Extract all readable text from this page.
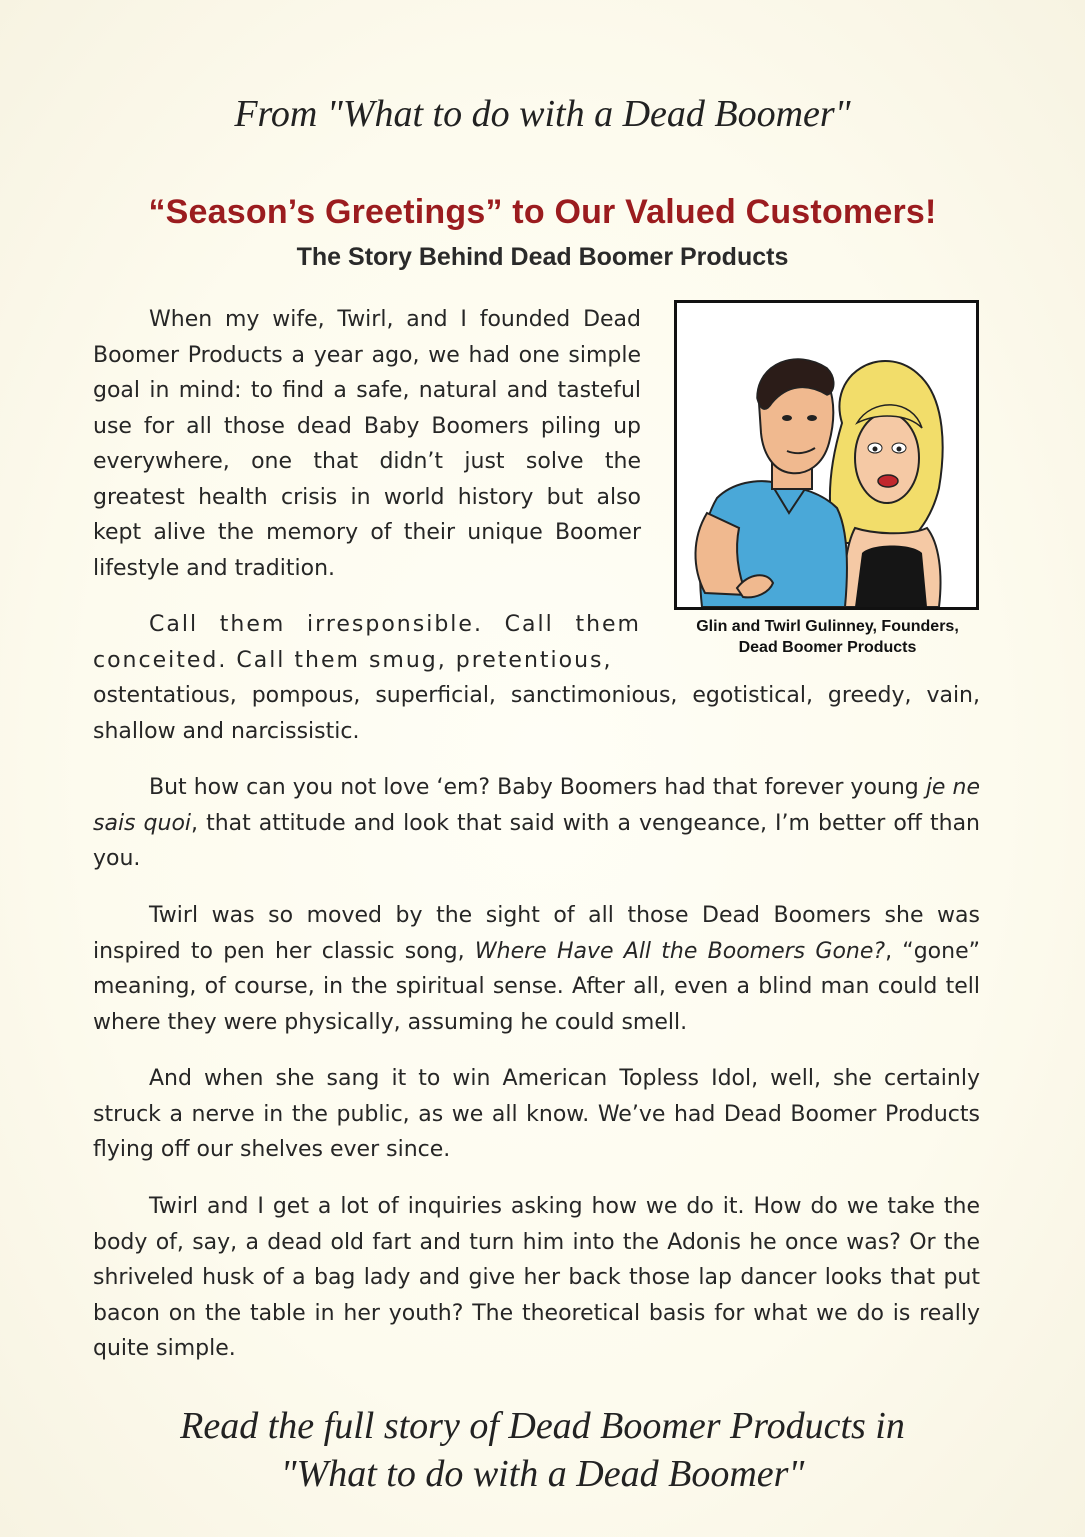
From "What to do with a Dead Boomer"
“Season’s Greetings” to Our Valued Customers!
The Story Behind Dead Boomer Products
When my wife, Twirl, and I founded Dead Boomer Products a year ago, we had one simple goal in mind: to find a safe, natural and tasteful use for all those dead Baby Boomers piling up everywhere, one that didn’t just solve the greatest health crisis in world history but also kept alive the memory of their unique Boomer lifestyle and tradition.
Call them irresponsible. Call them conceited. Call them smug, pretentious,
ostentatious, pompous, superficial, sanctimonious, egotistical, greedy, vain, shallow and narcissistic.
But how can you not love ‘em? Baby Boomers had that forever young je ne sais quoi, that attitude and look that said with a vengeance, I’m better off than you.
Twirl was so moved by the sight of all those Dead Boomers she was inspired to pen her classic song, Where Have All the Boomers Gone?, “gone” meaning, of course, in the spiritual sense. After all, even a blind man could tell where they were physically, assuming he could smell.
And when she sang it to win American Topless Idol, well, she certainly struck a nerve in the public, as we all know. We’ve had Dead Boomer Products flying off our shelves ever since.
Twirl and I get a lot of inquiries asking how we do it. How do we take the body of, say, a dead old fart and turn him into the Adonis he once was? Or the shriveled husk of a bag lady and give her back those lap dancer looks that put bacon on the table in her youth? The theoretical basis for what we do is really quite simple.
Glin and Twirl Gulinney, Founders,
Dead Boomer Products
Read the full story of Dead Boomer Products in
"What to do with a Dead Boomer"
